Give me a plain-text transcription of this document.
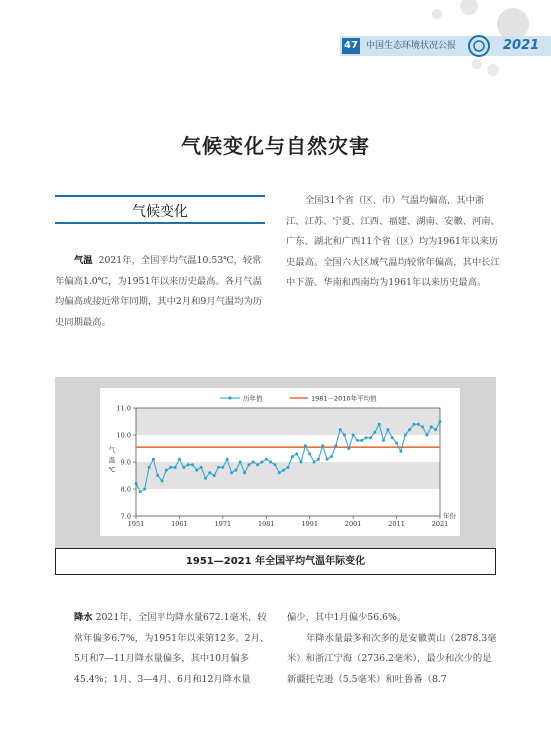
47 中国生态环境状况公报	2021
气候变化与自然灾害
气候变化

气温 2021年，全国平均气温10.53℃，较常年偏高1.0℃，为1951年以来历史最高。各月气温均偏高或接近常年同期，其中2月和9月气温均为历史同期最高。

全国31个省（区、市）气温均偏高，其中浙江、江苏、宁夏、江西、福建、湖南、安徽、河南、广东、湖北和广西11个省（区）均为1961年以来历史最高。全国六大区域气温均较常年偏高，其中长江中下游、华南和西南均为1961年以来历史最高。

7.0
8.0
9.0
10.0
11.0
1951	1961	1971	1981	1991	2001	2011	2021
年份
气
温
℃
历年值	1981－2010年平均值
1951—2021 年全国平均气温年际变化

降水 2021年，全国平均降水量672.1毫米，较常年偏多6.7%，为1951年以来第12多。2月、5月和7—11月降水量偏多，其中10月偏多45.4%；1月、3—4月、6月和12月降水量

偏少，其中1月偏少56.6%。

年降水量最多和次多的是安徽黄山（2878.3毫米）和浙江宁海（2736.2毫米），最少和次少的是新疆托克逊（5.5毫米）和吐鲁番（8.7
